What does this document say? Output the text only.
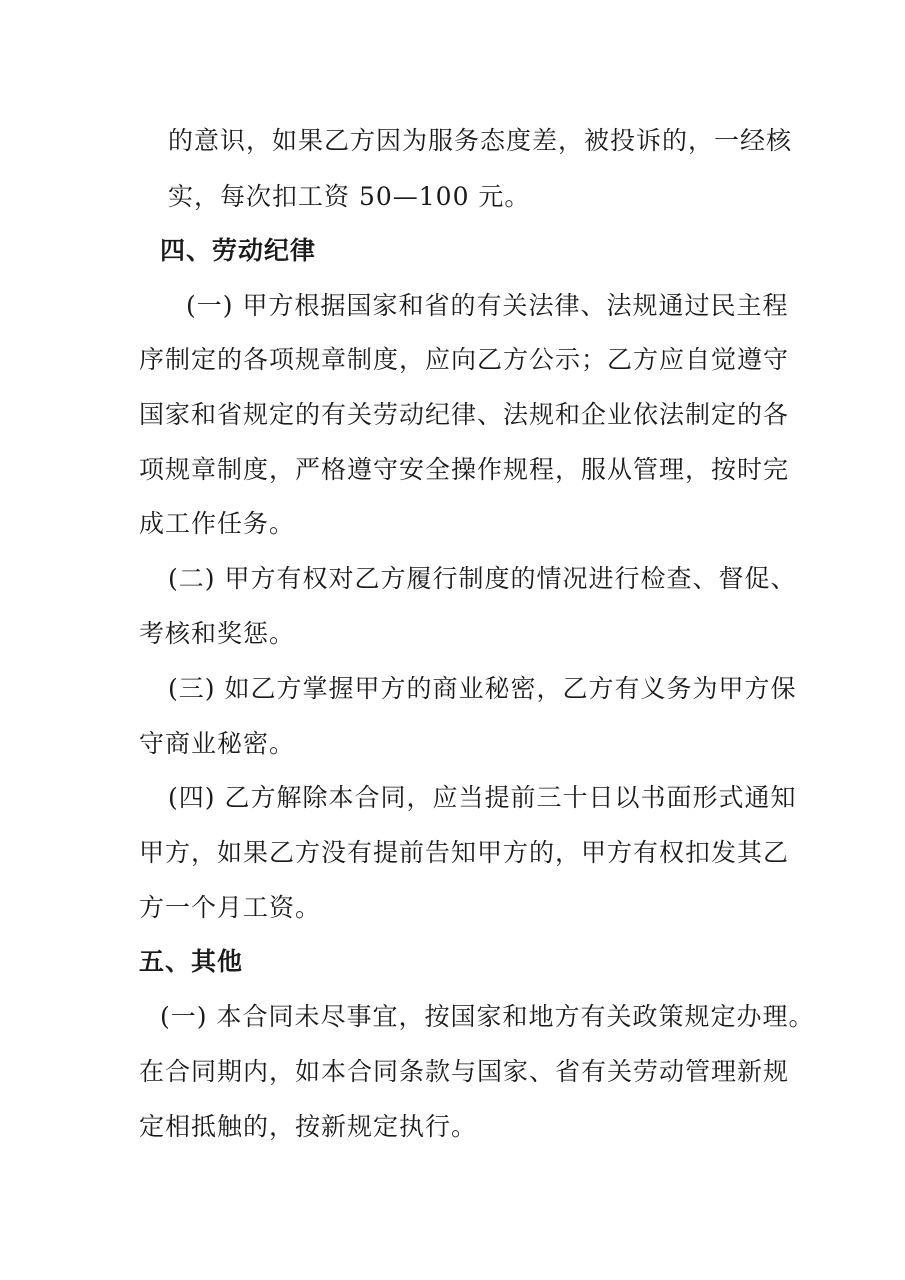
的意识，如果乙方因为服务态度差，被投诉的，一经核
实，每次扣工资 50—100 元。
四、劳动纪律
(一) 甲方根据国家和省的有关法律、法规通过民主程
序制定的各项规章制度，应向乙方公示；乙方应自觉遵守
国家和省规定的有关劳动纪律、法规和企业依法制定的各
项规章制度，严格遵守安全操作规程，服从管理，按时完
成工作任务。
(二) 甲方有权对乙方履行制度的情况进行检查、督促、
考核和奖惩。
(三) 如乙方掌握甲方的商业秘密，乙方有义务为甲方保
守商业秘密。
(四) 乙方解除本合同，应当提前三十日以书面形式通知
甲方，如果乙方没有提前告知甲方的，甲方有权扣发其乙
方一个月工资。
五、其他
(一) 本合同未尽事宜，按国家和地方有关政策规定办理。
在合同期内，如本合同条款与国家、省有关劳动管理新规
定相抵触的，按新规定执行。
